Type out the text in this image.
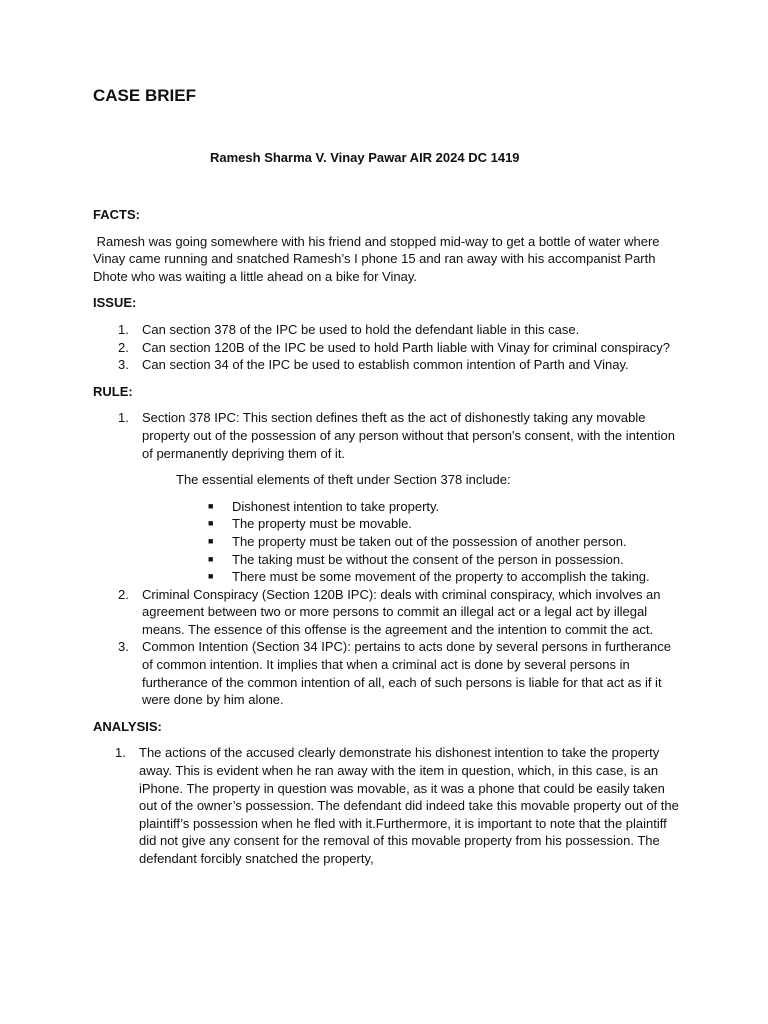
CASE BRIEF

Ramesh Sharma V. Vinay Pawar AIR 2024 DC 1419

FACTS:

Ramesh was going somewhere with his friend and stopped mid-way to get a bottle of water where Vinay came running and snatched Ramesh’s I phone 15 and ran away with his accompanist Parth Dhote who was waiting a little ahead on a bike for Vinay.

ISSUE:

1. Can section 378 of the IPC be used to hold the defendant liable in this case.
2. Can section 120B of the IPC be used to hold Parth liable with Vinay for criminal conspiracy?
3. Can section 34 of the IPC be used to establish common intention of Parth and Vinay.

RULE:

1. Section 378 IPC: This section defines theft as the act of dishonestly taking any movable property out of the possession of any person without that person's consent, with the intention of permanently depriving them of it.
The essential elements of theft under Section 378 include:
■ Dishonest intention to take property.
■ The property must be movable.
■ The property must be taken out of the possession of another person.
■ The taking must be without the consent of the person in possession.
■ There must be some movement of the property to accomplish the taking.
2. Criminal Conspiracy (Section 120B IPC): deals with criminal conspiracy, which involves an agreement between two or more persons to commit an illegal act or a legal act by illegal means. The essence of this offense is the agreement and the intention to commit the act.
3. Common Intention (Section 34 IPC): pertains to acts done by several persons in furtherance of common intention. It implies that when a criminal act is done by several persons in furtherance of the common intention of all, each of such persons is liable for that act as if it were done by him alone.

ANALYSIS:

1. The actions of the accused clearly demonstrate his dishonest intention to take the property away. This is evident when he ran away with the item in question, which, in this case, is an iPhone. The property in question was movable, as it was a phone that could be easily taken out of the owner’s possession. The defendant did indeed take this movable property out of the plaintiff’s possession when he fled with it.Furthermore, it is important to note that the plaintiff did not give any consent for the removal of this movable property from his possession. The defendant forcibly snatched the property,
